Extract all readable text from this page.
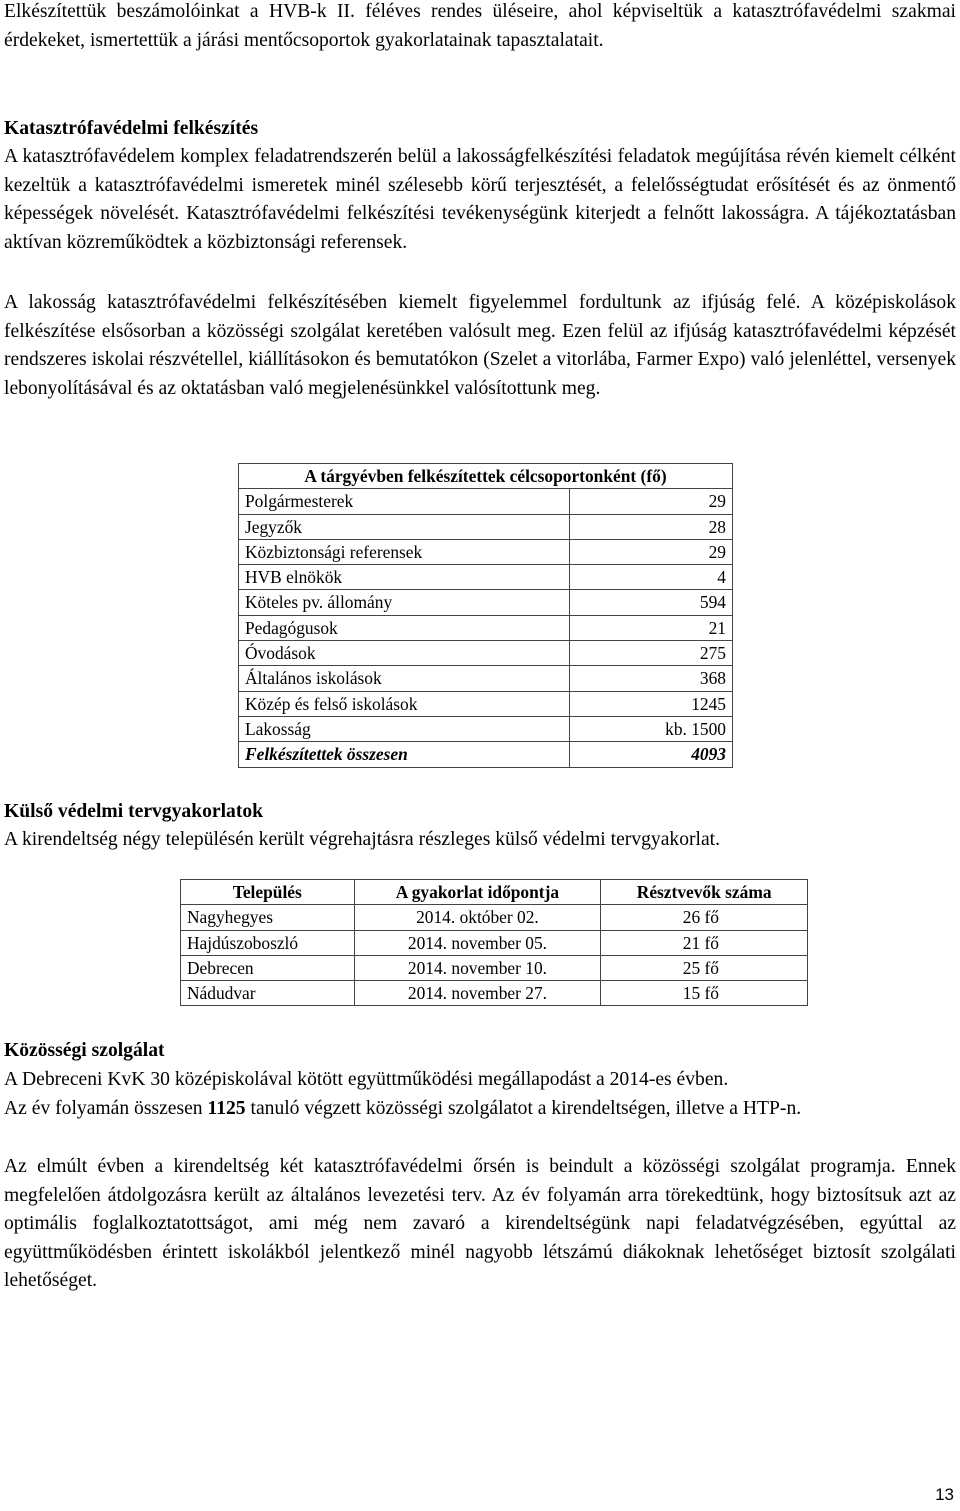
Elkészítettük beszámolóinkat a HVB-k II. féléves rendes üléseire, ahol képviseltük a katasztrófavédelmi szakmai érdekeket, ismertettük a járási mentőcsoportok gyakorlatainak tapasztalatait.

Katasztrófavédelmi felkészítés

A katasztrófavédelem komplex feladatrendszerén belül a lakosságfelkészítési feladatok megújítása révén kiemelt célként kezeltük a katasztrófavédelmi ismeretek minél szélesebb körű terjesztését, a felelősségtudat erősítését és az önmentő képességek növelését. Katasztrófavédelmi felkészítési tevékenységünk kiterjedt a felnőtt lakosságra. A tájékoztatásban aktívan közreműködtek a közbiztonsági referensek.

A lakosság katasztrófavédelmi felkészítésében kiemelt figyelemmel fordultunk az ifjúság felé. A középiskolások felkészítése elsősorban a közösségi szolgálat keretében valósult meg. Ezen felül az ifjúság katasztrófavédelmi képzését rendszeres iskolai részvétellel, kiállításokon és bemutatókon (Szelet a vitorlába, Farmer Expo) való jelenléttel, versenyek lebonyolításával és az oktatásban való megjelenésünkkel valósítottunk meg.

A tárgyévben felkészítettek célcsoportonként (fő)	
Polgármesterek	29
Jegyzők	28
Közbiztonsági referensek	29
HVB elnökök	4
Köteles pv. állomány	594
Pedagógusok	21
Óvodások	275
Általános iskolások	368
Közép és felső iskolások	1245
Lakosság	kb. 1500
Felkészítettek összesen	4093

Külső védelmi tervgyakorlatok

A kirendeltség négy településén került végrehajtásra részleges külső védelmi tervgyakorlat.

Település	A gyakorlat időpontja	Résztvevők száma
Nagyhegyes	2014. október 02.	26 fő
Hajdúszoboszló	2014. november 05.	21 fő
Debrecen	2014. november 10.	25 fő
Nádudvar	2014. november 27.	15 fő

Közösségi szolgálat

A Debreceni KvK 30 középiskolával kötött együttműködési megállapodást a 2014-es évben.

Az év folyamán összesen 1125 tanuló végzett közösségi szolgálatot a kirendeltségen, illetve a HTP-n.

Az elmúlt évben a kirendeltség két katasztrófavédelmi őrsén is beindult a közösségi szolgálat programja. Ennek megfelelően átdolgozásra került az általános levezetési terv. Az év folyamán arra törekedtünk, hogy biztosítsuk azt az optimális foglalkoztatottságot, ami még nem zavaró a kirendeltségünk napi feladatvégzésében, egyúttal az együttműködésben érintett iskolákból jelentkező minél nagyobb létszámú diákoknak lehetőséget biztosít szolgálati lehetőséget.

13
